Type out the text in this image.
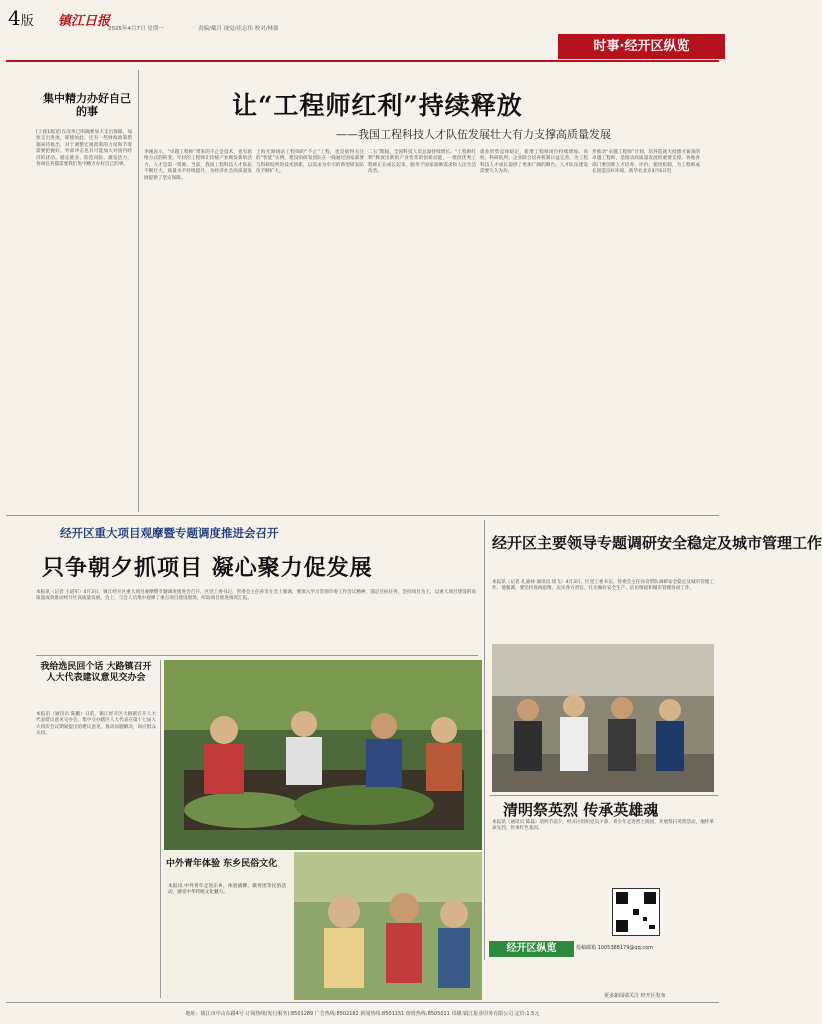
4版 镇江日报
2025年4月7日 星期一	责编/戴月 视觉/崔志伟 校对/林强
时事·经开区纵览
集中精力办好自己的事
[上接1版]但在改革已明确要加大支出保障，加快支出进度，即使如此，还有一些财政政策措施尚待推出，对于调整宏观政策的力度和节奏需要把握好。外部冲击也有可能加大对国内经济的扰动。稳定就业、防范风险、激发活力，各项任务都需要我们集中精力办好自己的事。
让“工程师红利”持续释放
——我国工程科技人才队伍发展壮大有力支撑高质量发展
李刚表示，“卓越工程师”带来的不止是技术，也有思维方式的转变。年轻的工程师让传统产业焕发新的活力。人才是第一资源。当前，我国工程科技人才队伍不断壮大，质量水平持续提升，为经济社会高质量发展提供了坚实保障。
上海光源线站工程师的“不止”工程，也是值得关注的“智能”实例。建设的研发团队在一线通过国家部署与科研院所的技术创新，以需求为牵引的新型研发队伍不断扩大。
二五”期间，全国科技人员总量持续增长。“工程师红利”释放出新的产业变革的创新动能，一批批优秀工程师正在成长起来，服务于国家战略需求和人民生活改善。
就业形势总体稳定，新增工程师岗位持续增加。高校、科研院所、企业联合培养机制日益完善，为工程科技人才成长提供了更加广阔的舞台。人才队伍建设需要久久为功。
步推动“卓越工程师”计划，培养造就大批德才兼备的卓越工程师，是推动高质量发展的重要支撑。各地各部门要创新人才培养、评价、使用机制，为工程师成长创造良好环境。新华社北京4月6日电
经开区重大项目观摩暨专题调度推进会召开
只争朝夕抓项目 凝心聚力促发展
本报讯（记者 王道军）4月3日，镇江经开区重大项目观摩暨专题调度推进会召开。区党工委书记、管委会主任孙奇在会上强调，要深入学习贯彻市委工作会议精神，锚定目标任务，坚持项目为王，以重大项目建设的高质量成效推动经开区高质量发展。会上，与会人员集中观摩了重点项目建设现场，听取项目推进情况汇报。
我给选民回个话 大路镇召开人大代表建议意见交办会
本报讯（通讯员 陈鹏）日前，镇江经开区大路镇召开人大代表建议意见交办会，集中交办辖区人大代表在第十七届人大四次会议期间提出的建议意见，推动问题解决，回应群众关切。
中外青年体验 东乡民俗文化
本报讯 中外青年走进东乡，体验插柳、做青团等民俗活动，感受中华传统文化魅力。
经开区主要领导专题调研安全稳定及城市管理工作
本报讯（记者 孔嘉禄 通讯员 徐飞）4月3日，区党工委书记、管委会主任孙奇带队调研安全稳定及城市管理工作。他强调，要坚持底线思维，压实各方责任，扎实做好安全生产、信访维稳和城市管理各项工作。
清明祭英烈 传承英雄魂
本报讯（通讯员 陈磊）清明节前夕，经开区组织党员干部、青少年走进烈士陵园，开展祭扫英烈活动，缅怀革命先烈，传承红色基因。
经开区纵览	投稿邮箱 1005388179@qq.com
更多新闻请关注 经开区发布
地址：镇江市中山东路4号 订阅热线(发行服务):8501289 广告热线:8502182 新闻热线:8501151 值班热线:8505011 印刷:镇江报业印务有限公司 定价:1.5元
